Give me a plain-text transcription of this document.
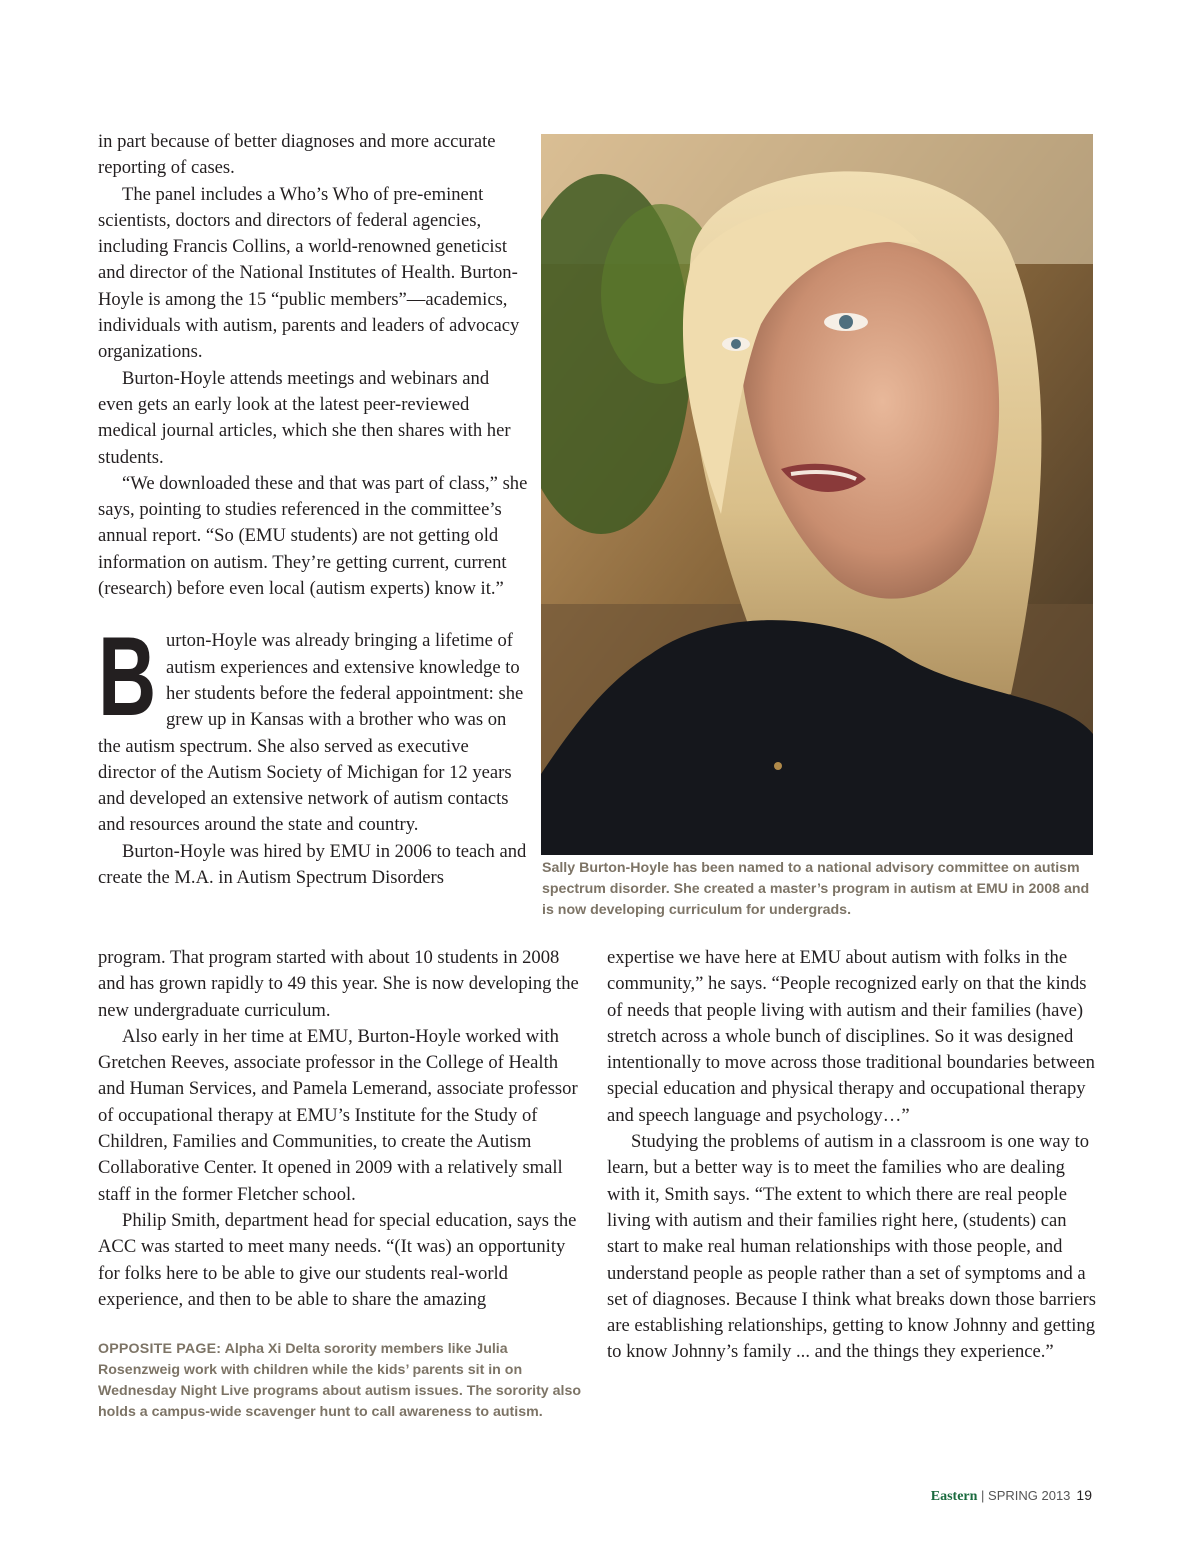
in part because of better diagnoses and more accurate reporting of cases.

The panel includes a Who’s Who of pre-eminent scientists, doctors and directors of federal agencies, including Francis Collins, a world-renowned geneticist and director of the National Institutes of Health. Burton-Hoyle is among the 15 “public members”—academics, individuals with autism, parents and leaders of advocacy organizations.

Burton-Hoyle attends meetings and webinars and even gets an early look at the latest peer-reviewed medical journal articles, which she then shares with her students.

“We downloaded these and that was part of class,” she says, pointing to studies referenced in the committee’s annual report. “So (EMU students) are not getting old information on autism. They’re getting current, current (research) before even local (autism experts) know it.”

Burton-Hoyle was already bringing a lifetime of autism experiences and extensive knowledge to her students before the federal appointment: she grew up in Kansas with a brother who was on the autism spectrum. She also served as executive director of the Autism Society of Michigan for 12 years and developed an extensive network of autism contacts and resources around the state and country.

Burton-Hoyle was hired by EMU in 2006 to teach and create the M.A. in Autism Spectrum Disorders	Sally Burton-Hoyle has been named to a national advisory committee on autism spectrum disorder. She created a master’s program in autism at EMU in 2008 and is now developing curriculum for undergrads.

program. That program started with about 10 students in 2008 and has grown rapidly to 49 this year. She is now developing the new undergraduate curriculum.

Also early in her time at EMU, Burton-Hoyle worked with Gretchen Reeves, associate professor in the College of Health and Human Services, and Pamela Lemerand, associate professor of occupational therapy at EMU’s Institute for the Study of Children, Families and Communities, to create the Autism Collaborative Center. It opened in 2009 with a relatively small staff in the former Fletcher school.

Philip Smith, department head for special education, says the ACC was started to meet many needs. “(It was) an opportunity for folks here to be able to give our students real-world experience, and then to be able to share the amazing

OPPOSITE PAGE: Alpha Xi Delta sorority members like Julia Rosenzweig work with children while the kids’ parents sit in on Wednesday Night Live programs about autism issues. The sorority also holds a campus-wide scavenger hunt to call awareness to autism.

expertise we have here at EMU about autism with folks in the community,” he says. “People recognized early on that the kinds of needs that people living with autism and their families (have) stretch across a whole bunch of disciplines. So it was designed intentionally to move across those traditional boundaries between special education and physical therapy and occupational therapy and speech language and psychology…”

Studying the problems of autism in a classroom is one way to learn, but a better way is to meet the families who are dealing with it, Smith says. “The extent to which there are real people living with autism and their families right here, (students) can start to make real human relationships with those people, and understand people as people rather than a set of symptoms and a set of diagnoses. Because I think what breaks down those barriers are establishing relationships, getting to know Johnny and getting to know Johnny’s family ... and the things they experience.”

Eastern | SPRING 2013 19
